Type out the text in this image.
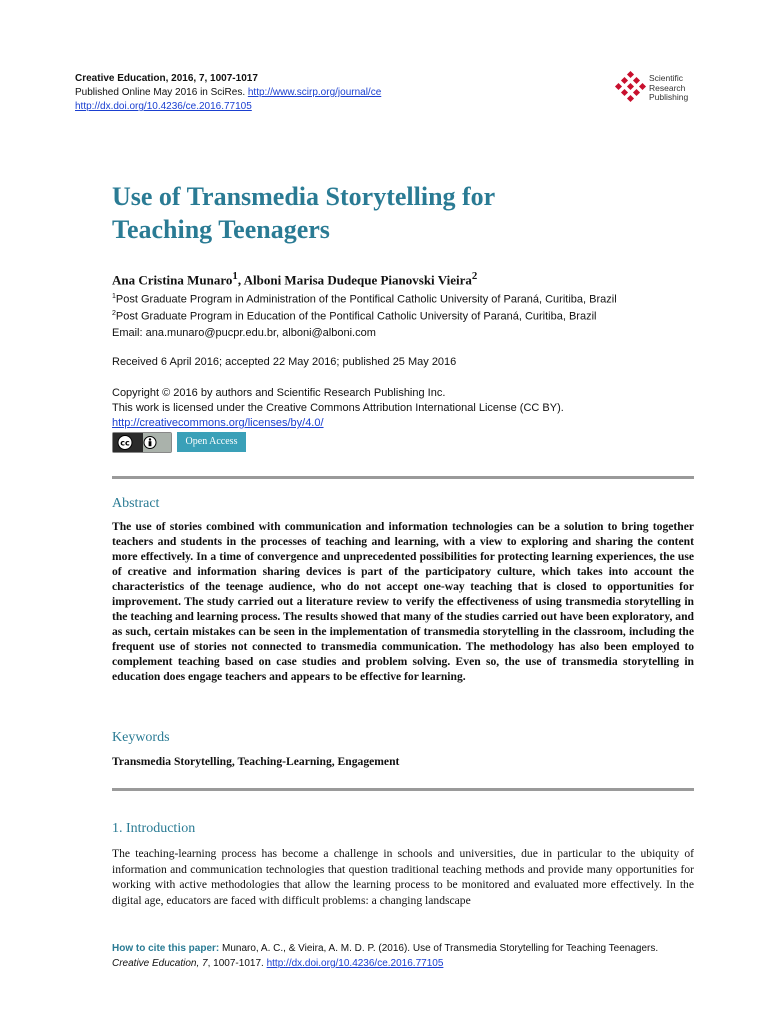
Creative Education, 2016, 7, 1007-1017
Published Online May 2016 in SciRes. http://www.scirp.org/journal/ce
http://dx.doi.org/10.4236/ce.2016.77105
Scientific
Research
Publishing
Use of Transmedia Storytelling for
Teaching Teenagers
Ana Cristina Munaro$^1$, Alboni Marisa Dudeque Pianovski Vieira$^2$
$^1$Post Graduate Program in Administration of the Pontifical Catholic University of Paraná, Curitiba, Brazil
$^2$Post Graduate Program in Education of the Pontifical Catholic University of Paraná, Curitiba, Brazil
Email: ana.munaro@pucpr.edu.br, alboni@alboni.com
Received 6 April 2016; accepted 22 May 2016; published 25 May 2016
Copyright © 2016 by authors and Scientific Research Publishing Inc.
This work is licensed under the Creative Commons Attribution International License (CC BY).
http://creativecommons.org/licenses/by/4.0/
cc	Open Access
Abstract

The use of stories combined with communication and information technologies can be a solution to bring together teachers and students in the processes of teaching and learning, with a view to exploring and sharing the content more effectively. In a time of convergence and unprecedented possibilities for protecting learning experiences, the use of creative and information sharing devices is part of the participatory culture, which takes into account the characteristics of the teenage audience, who do not accept one-way teaching that is closed to opportunities for improvement. The study carried out a literature review to verify the effectiveness of using transmedia storytelling in the teaching and learning process. The results showed that many of the studies carried out have been exploratory, and as such, certain mistakes can be seen in the implementation of transmedia storytelling in the classroom, including the frequent use of stories not connected to transmedia communication. The methodology has also been employed to complement teaching based on case studies and problem solving. Even so, the use of transmedia storytelling in education does engage teachers and appears to be effective for learning.

Keywords
Transmedia Storytelling, Teaching-Learning, Engagement
1. Introduction

The teaching-learning process has become a challenge in schools and universities, due in particular to the ubiquity of information and communication technologies that question traditional teaching methods and provide many opportunities for working with active methodologies that allow the learning process to be monitored and evaluated more effectively. In the digital age, educators are faced with difficult problems: a changing landscape

How to cite this paper: Munaro, A. C., & Vieira, A. M. D. P. (2016). Use of Transmedia Storytelling for Teaching Teenagers.
Creative Education, 7, 1007-1017. http://dx.doi.org/10.4236/ce.2016.77105
